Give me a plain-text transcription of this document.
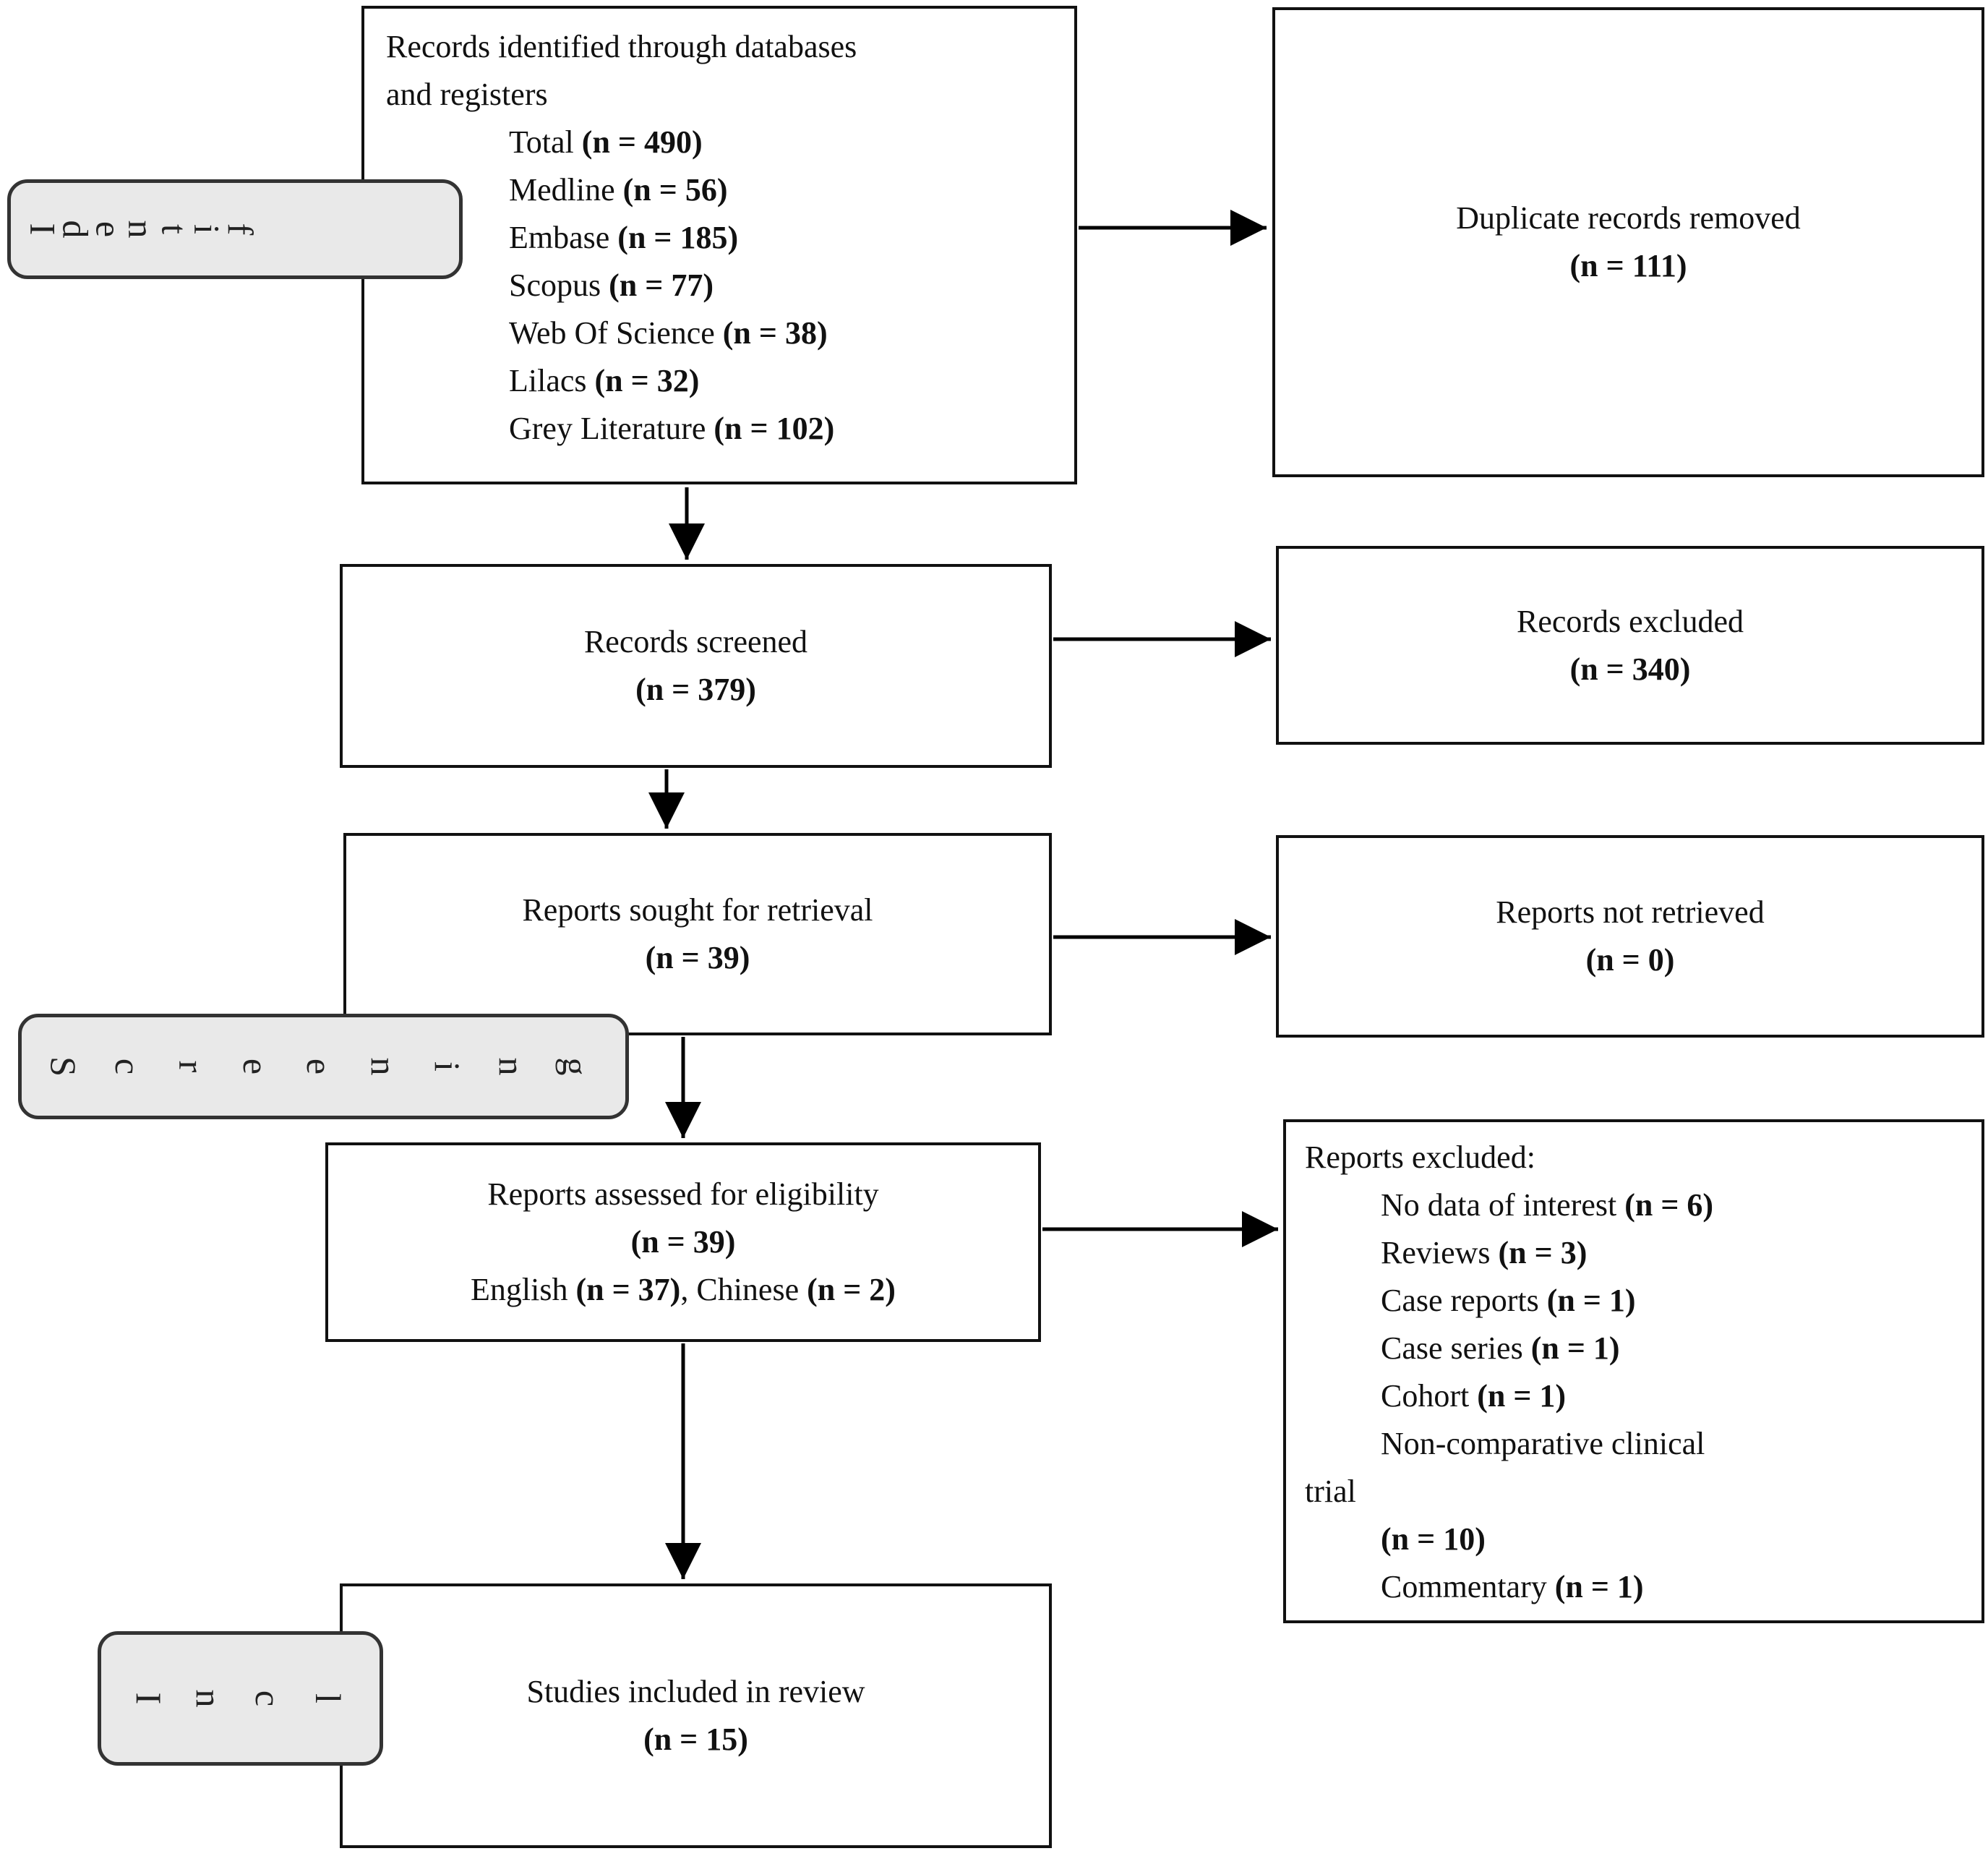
Records identified through databases
and registers
Total (n = 490)
Medline (n = 56)
Embase (n = 185)
Scopus (n = 77)
Web Of Science (n = 38)
Lilacs (n = 32)
Grey Literature (n = 102)
Duplicate records removed
(n = 111)
Records screened
(n = 379)
Records excluded
(n = 340)
Reports sought for retrieval
(n = 39)
Reports not retrieved
(n = 0)
Reports assessed for eligibility
(n = 39)
English (n = 37), Chinese (n = 2)
Reports excluded:
No data of interest (n = 6)
Reviews (n = 3)
Case reports (n = 1)
Case series (n = 1)
Cohort (n = 1)
Non-comparative clinical
trial
(n = 10)
Commentary (n = 1)
Studies included in review
(n = 15)
I
d
e
n
t
i
f
S c r e e n i n g
I n c l
